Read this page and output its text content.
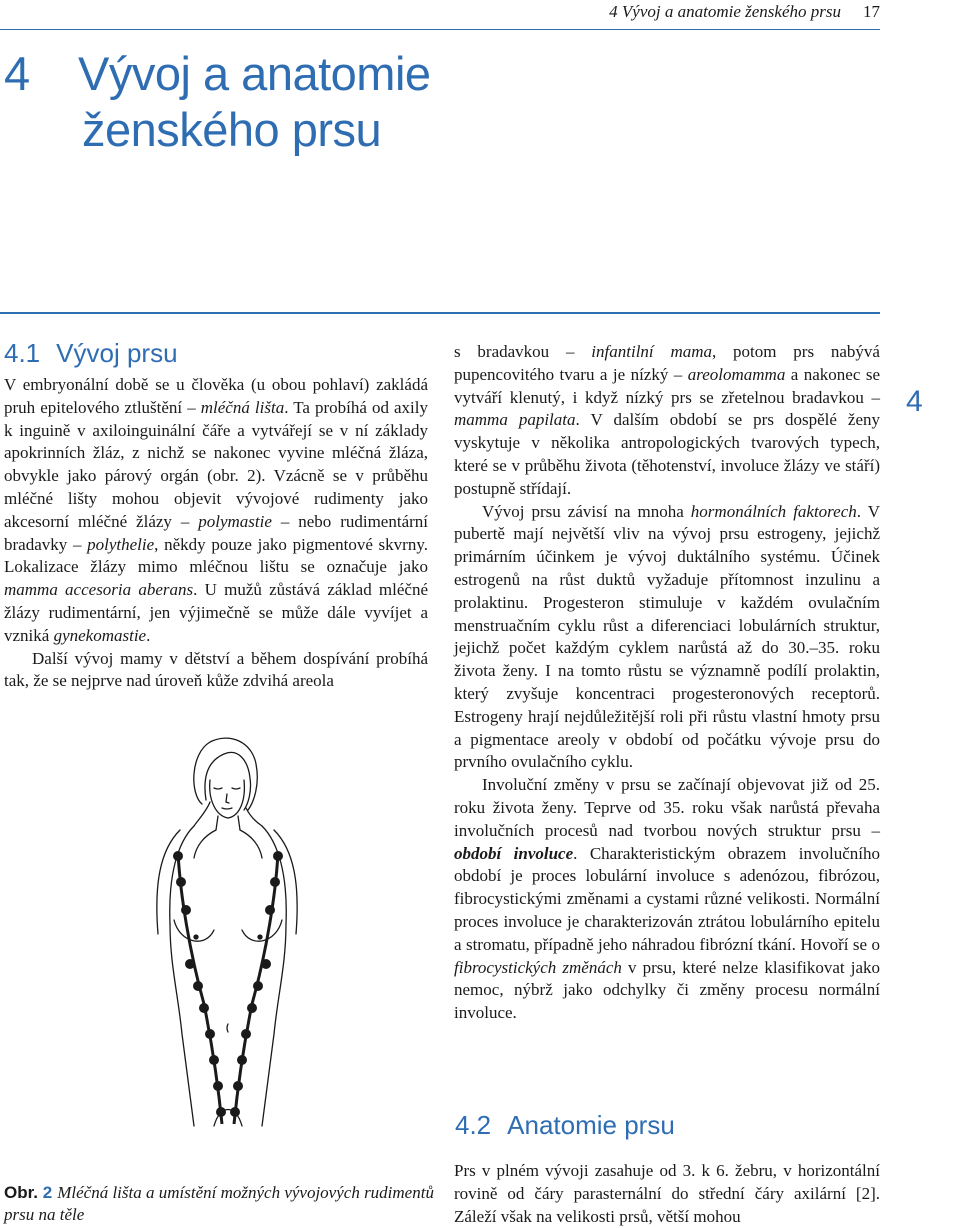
4 Vývoj a anatomie ženského prsu 17
4 Vývoj a anatomie
ženského prsu
4.1 Vývoj prsu
4

V embryonální době se u člověka (u obou pohlaví) zakládá pruh epitelového ztluštění – mléčná lišta. Ta probíhá od axily k inguině v axiloinguinální čáře a vytvářejí se v ní základy apokrinních žláz, z nichž se nakonec vyvine mléčná žláza, obvykle jako párový orgán (obr. 2). Vzácně se v průběhu mléčné lišty mohou objevit vývojové rudimenty jako akcesorní mléčné žlázy – polymastie – nebo rudimentární bradavky – polythelie, někdy pouze jako pigmentové skvrny. Lokalizace žlázy mimo mléčnou lištu se označuje jako mamma accesoria aberans. U mužů zůstává základ mléčné žlázy rudimentární, jen výjimečně se může dále vyvíjet a vzniká gynekomastie.

Další vývoj mamy v dětství a během dospívání probíhá tak, že se nejprve nad úroveň kůže zdvihá areola

Obr. 2 Mléčná lišta a umístění možných vývojových rudimentů prsu na těle

s bradavkou – infantilní mama, potom prs nabývá pupencovitého tvaru a je nízký – areolomamma a nakonec se vytváří klenutý, i když nízký prs se zřetelnou bradavkou – mamma papilata. V dalším období se prs dospělé ženy vyskytuje v několika antropologických tvarových typech, které se v průběhu života (těhotenství, involuce žlázy ve stáří) postupně střídají.

Vývoj prsu závisí na mnoha hormonálních faktorech. V pubertě mají největší vliv na vývoj prsu estrogeny, jejichž primárním účinkem je vývoj duktálního systému. Účinek estrogenů na růst duktů vyžaduje přítomnost inzulinu a prolaktinu. Progesteron stimuluje v každém ovulačním menstruačním cyklu růst a diferenciaci lobulárních struktur, jejichž počet každým cyklem narůstá až do 30.–35. roku života ženy. I na tomto růstu se významně podílí prolaktin, který zvyšuje koncentraci progesteronových receptorů. Estrogeny hrají nejdůležitější roli při růstu vlastní hmoty prsu a pigmentace areoly v období od počátku vývoje prsu do prvního ovulačního cyklu.

Involuční změny v prsu se začínají objevovat již od 25. roku života ženy. Teprve od 35. roku však narůstá převaha involučních procesů nad tvorbou nových struktur prsu – období involuce. Charakteristickým obrazem involučního období je proces lobulární involuce s adenózou, fibrózou, fibrocystickými změnami a cystami různé velikosti. Normální proces involuce je charakterizován ztrátou lobulárního epitelu a stromatu, případně jeho náhradou fibrózní tkání. Hovoří se o fibrocystických změnách v prsu, které nelze klasifikovat jako nemoc, nýbrž jako odchylky či změny procesu normální involuce.

4.2 Anatomie prsu

Prs v plném vývoji zasahuje od 3. k 6. žebru, v horizontální rovině od čáry parasternální do střední čáry axilární [2]. Záleží však na velikosti prsů, větší mohou
